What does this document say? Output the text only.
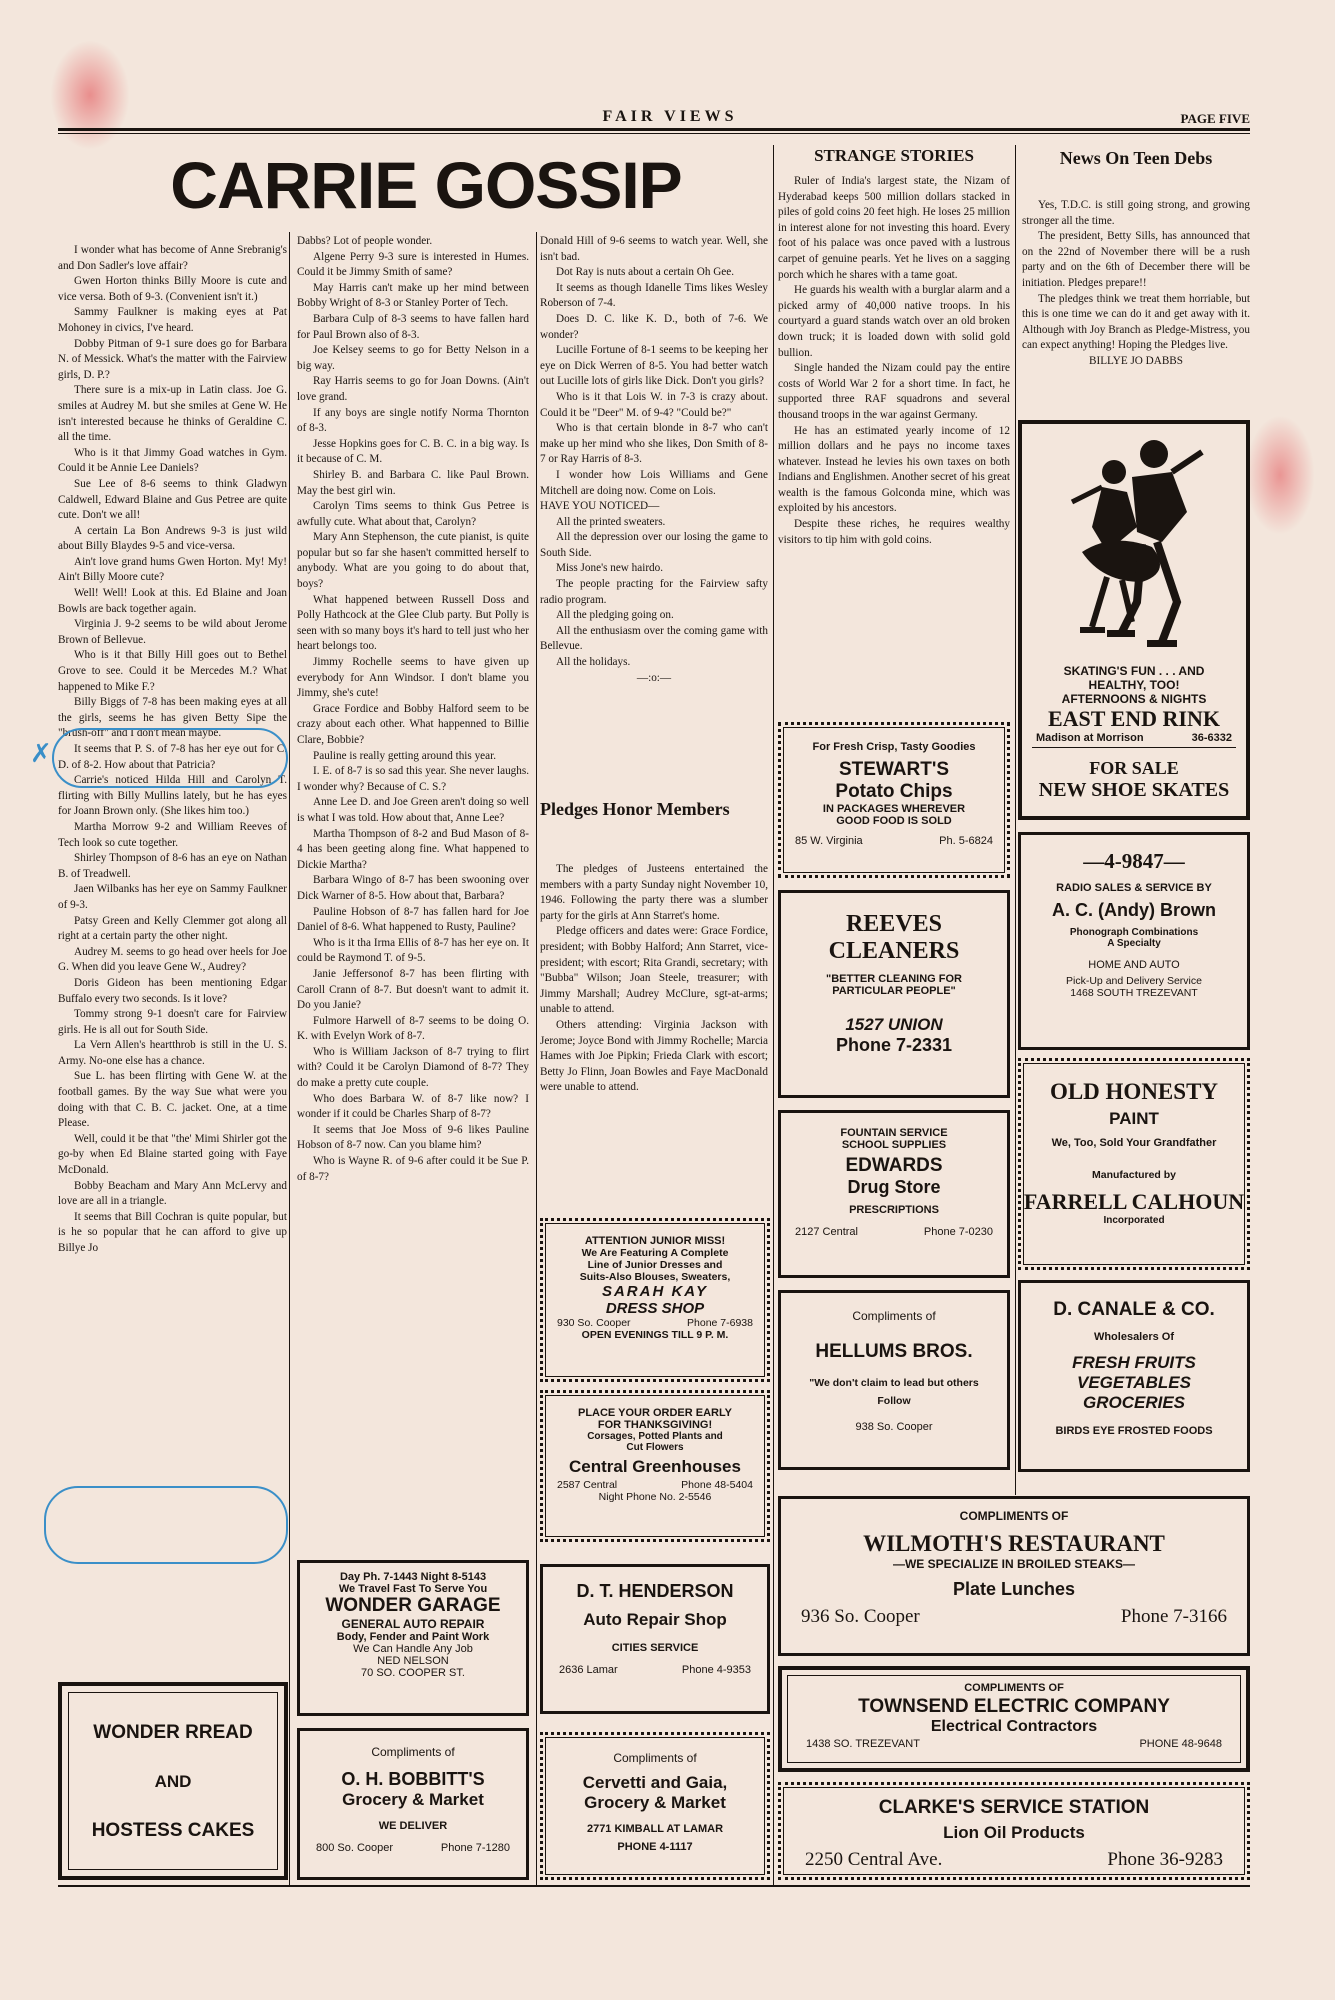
FAIR VIEWS	PAGE FIVE
CARRIE GOSSIP

I wonder what has become of Anne Srebranig's and Don Sadler's love affair?

Gwen Horton thinks Billy Moore is cute and vice versa. Both of 9-3. (Convenient isn't it.)

Sammy Faulkner is making eyes at Pat Mohoney in civics, I've heard.

Dobby Pitman of 9-1 sure does go for Barbara N. of Messick. What's the matter with the Fairview girls, D. P.?

There sure is a mix-up in Latin class. Joe G. smiles at Audrey M. but she smiles at Gene W. He isn't interested because he thinks of Geraldine C. all the time.

Who is it that Jimmy Goad watches in Gym. Could it be Annie Lee Daniels?

Sue Lee of 8-6 seems to think Gladwyn Caldwell, Edward Blaine and Gus Petree are quite cute. Don't we all!

A certain La Bon Andrews 9-3 is just wild about Billy Blaydes 9-5 and vice-versa.

Ain't love grand hums Gwen Horton. My! My! Ain't Billy Moore cute?

Well! Well! Look at this. Ed Blaine and Joan Bowls are back together again.

Virginia J. 9-2 seems to be wild about Jerome Brown of Bellevue.

Who is it that Billy Hill goes out to Bethel Grove to see. Could it be Mercedes M.? What happened to Mike F.?

Billy Biggs of 7-8 has been making eyes at all the girls, seems he has given Betty Sipe the "brush-off" and I don't mean maybe.

It seems that P. S. of 7-8 has her eye out for C. D. of 8-2. How about that Patricia?

Carrie's noticed Hilda Hill and Carolyn T. flirting with Billy Mullins lately, but he has eyes for Joann Brown only. (She likes him too.)

Martha Morrow 9-2 and William Reeves of Tech look so cute together.

Shirley Thompson of 8-6 has an eye on Nathan B. of Treadwell.

Jaen Wilbanks has her eye on Sammy Faulkner of 9-3.

Patsy Green and Kelly Clemmer got along all right at a certain party the other night.

Audrey M. seems to go head over heels for Joe G. When did you leave Gene W., Audrey?

Doris Gideon has been mentioning Edgar Buffalo every two seconds. Is it love?

Tommy strong 9-1 doesn't care for Fairview girls. He is all out for South Side.

La Vern Allen's heartthrob is still in the U. S. Army. No-one else has a chance.

Sue L. has been flirting with Gene W. at the football games. By the way Sue what were you doing with that C. B. C. jacket. One, at a time Please.

Well, could it be that "the' Mimi Shirler got the go-by when Ed Blaine started going with Faye McDonald.

Bobby Beacham and Mary Ann McLervy and love are all in a triangle.

It seems that Bill Cochran is quite popular, but is he so popular that he can afford to give up Billye Jo

✗

Dabbs? Lot of people wonder.

Algene Perry 9-3 sure is interested in Humes. Could it be Jimmy Smith of same?

May Harris can't make up her mind between Bobby Wright of 8-3 or Stanley Porter of Tech.

Barbara Culp of 8-3 seems to have fallen hard for Paul Brown also of 8-3.

Joe Kelsey seems to go for Betty Nelson in a big way.

Ray Harris seems to go for Joan Downs. (Ain't love grand.

If any boys are single notify Norma Thornton of 8-3.

Jesse Hopkins goes for C. B. C. in a big way. Is it because of C. M.

Shirley B. and Barbara C. like Paul Brown. May the best girl win.

Carolyn Tims seems to think Gus Petree is awfully cute. What about that, Carolyn?

Mary Ann Stephenson, the cute pianist, is quite popular but so far she hasen't committed herself to anybody. What are you going to do about that, boys?

What happened between Russell Doss and Polly Hathcock at the Glee Club party. But Polly is seen with so many boys it's hard to tell just who her heart belongs too.

Jimmy Rochelle seems to have given up everybody for Ann Windsor. I don't blame you Jimmy, she's cute!

Grace Fordice and Bobby Halford seem to be crazy about each other. What happenned to Billie Clare, Bobbie?

Pauline is really getting around this year.

I. E. of 8-7 is so sad this year. She never laughs. I wonder why? Because of C. S.?

Anne Lee D. and Joe Green aren't doing so well is what I was told. How about that, Anne Lee?

Martha Thompson of 8-2 and Bud Mason of 8-4 has been geeting along fine. What happened to Dickie Martha?

Barbara Wingo of 8-7 has been swooning over Dick Warner of 8-5. How about that, Barbara?

Pauline Hobson of 8-7 has fallen hard for Joe Daniel of 8-6. What happened to Rusty, Pauline?

Who is it tha Irma Ellis of 8-7 has her eye on. It could be Raymond T. of 9-5.

Janie Jeffersonof 8-7 has been flirting with Caroll Crann of 8-7. But doesn't want to admit it. Do you Janie?

Fulmore Harwell of 8-7 seems to be doing O. K. with Evelyn Work of 8-7.

Who is William Jackson of 8-7 trying to flirt with? Could it be Carolyn Diamond of 8-7? They do make a pretty cute couple.

Who does Barbara W. of 8-7 like now? I wonder if it could be Charles Sharp of 8-7?

It seems that Joe Moss of 9-6 likes Pauline Hobson of 8-7 now. Can you blame him?

Who is Wayne R. of 9-6 after could it be Sue P. of 8-7?

Donald Hill of 9-6 seems to watch year. Well, she isn't bad.

Dot Ray is nuts about a certain Oh Gee.

It seems as though Idanelle Tims likes Wesley Roberson of 7-4.

Does D. C. like K. D., both of 7-6. We wonder?

Lucille Fortune of 8-1 seems to be keeping her eye on Dick Werren of 8-5. You had better watch out Lucille lots of girls like Dick. Don't you girls?

Who is it that Lois W. in 7-3 is crazy about. Could it be "Deer" M. of 9-4? "Could be?"

Who is that certain blonde in 8-7 who can't make up her mind who she likes, Don Smith of 8-7 or Ray Harris of 8-3.

I wonder how Lois Williams and Gene Mitchell are doing now. Come on Lois.

HAVE YOU NOTICED—

All the printed sweaters.

All the depression over our losing the game to South Side.

Miss Jone's new hairdo.

The people practing for the Fairview safty radio program.

All the pledging going on.

All the enthusiasm over the coming game with Bellevue.

All the holidays.

—:o:—

Pledges Honor Members

The pledges of Justeens entertained the members with a party Sunday night November 10, 1946. Following the party there was a slumber party for the girls at Ann Starret's home.

Pledge officers and dates were: Grace Fordice, president; with Bobby Halford; Ann Starret, vice-president; with escort; Rita Grandi, secretary; with "Bubba" Wilson; Joan Steele, treasurer; with Jimmy Marshall; Audrey McClure, sgt-at-arms; unable to attend.

Others attending: Virginia Jackson with Jerome; Joyce Bond with Jimmy Rochelle; Marcia Hames with Joe Pipkin; Frieda Clark with escort; Betty Jo Flinn, Joan Bowles and Faye MacDonald were unable to attend.

STRANGE STORIES

Ruler of India's largest state, the Nizam of Hyderabad keeps 500 million dollars stacked in piles of gold coins 20 feet high. He loses 25 million in interest alone for not investing this hoard. Every foot of his palace was once paved with a lustrous carpet of genuine pearls. Yet he lives on a sagging porch which he shares with a tame goat.

He guards his wealth with a burglar alarm and a picked army of 40,000 native troops. In his courtyard a guard stands watch over an old broken down truck; it is loaded down with solid gold bullion.

Single handed the Nizam could pay the entire costs of World War 2 for a short time. In fact, he supported three RAF squadrons and several thousand troops in the war against Germany.

He has an estimated yearly income of 12 million dollars and he pays no income taxes whatever. Instead he levies his own taxes on both Indians and Englishmen. Another secret of his great wealth is the famous Golconda mine, which was exploited by his ancestors.

Despite these riches, he requires wealthy visitors to tip him with gold coins.

News On Teen Debs

Yes, T.D.C. is still going strong, and growing stronger all the time.

The president, Betty Sills, has announced that on the 22nd of November there will be a rush party and on the 6th of December there will be initiation. Pledges prepare!!

The pledges think we treat them horriable, but this is one time we can do it and get away with it. Although with Joy Branch as Pledge-Mistress, you can expect anything! Hoping the Pledges live.

BILLYE JO DABBS

WONDER RREAD
AND
HOSTESS CAKES
Day Ph. 7-1443 Night 8-5143
We Travel Fast To Serve You
WONDER GARAGE
GENERAL AUTO REPAIR
Body, Fender and Paint Work
We Can Handle Any Job
NED NELSON
70 SO. COOPER ST.
Compliments of
O. H. BOBBITT'S
Grocery & Market
WE DELIVER
800 So. Cooper	Phone 7-1280
ATTENTION JUNIOR MISS!
We Are Featuring A Complete
Line of Junior Dresses and
Suits-Also Blouses, Sweaters,
SARAH KAY
DRESS SHOP
930 So. Cooper	Phone 7-6938
OPEN EVENINGS TILL 9 P. M.
PLACE YOUR ORDER EARLY
FOR THANKSGIVING!
Corsages, Potted Plants and
Cut Flowers
Central Greenhouses
2587 Central	Phone 48-5404
Night Phone No. 2-5546
D. T. HENDERSON
Auto Repair Shop
CITIES SERVICE
2636 Lamar	Phone 4-9353
Compliments of
Cervetti and Gaia,
Grocery & Market
2771 KIMBALL AT LAMAR
PHONE 4-1117
For Fresh Crisp, Tasty Goodies
STEWART'S
Potato Chips
IN PACKAGES WHEREVER
GOOD FOOD IS SOLD
85 W. Virginia	Ph. 5-6824
REEVES
CLEANERS
"BETTER CLEANING FOR
PARTICULAR PEOPLE"
1527 UNION
Phone 7-2331
FOUNTAIN SERVICE
SCHOOL SUPPLIES
EDWARDS
Drug Store
PRESCRIPTIONS
2127 Central	Phone 7-0230
Compliments of
HELLUMS BROS.
"We don't claim to lead but others
Follow
938 So. Cooper
SKATING'S FUN . . . AND
HEALTHY, TOO!
AFTERNOONS & NIGHTS
EAST END RINK
Madison at Morrison	36-6332
FOR SALE
NEW SHOE SKATES
—4-9847—
RADIO SALES & SERVICE BY
A. C. (Andy) Brown
Phonograph Combinations
A Specialty
HOME AND AUTO
Pick-Up and Delivery Service
1468 SOUTH TREZEVANT
OLD HONESTY
PAINT
We, Too, Sold Your Grandfather
Manufactured by
FARRELL CALHOUN
Incorporated
D. CANALE & CO.
Wholesalers Of
FRESH FRUITS
VEGETABLES
GROCERIES
BIRDS EYE FROSTED FOODS
COMPLIMENTS OF
WILMOTH'S RESTAURANT
—WE SPECIALIZE IN BROILED STEAKS—
Plate Lunches
936 So. Cooper	Phone 7-3166
COMPLIMENTS OF
TOWNSEND ELECTRIC COMPANY
Electrical Contractors
1438 SO. TREZEVANT	PHONE 48-9648
CLARKE'S SERVICE STATION
Lion Oil Products
2250 Central Ave.	Phone 36-9283
